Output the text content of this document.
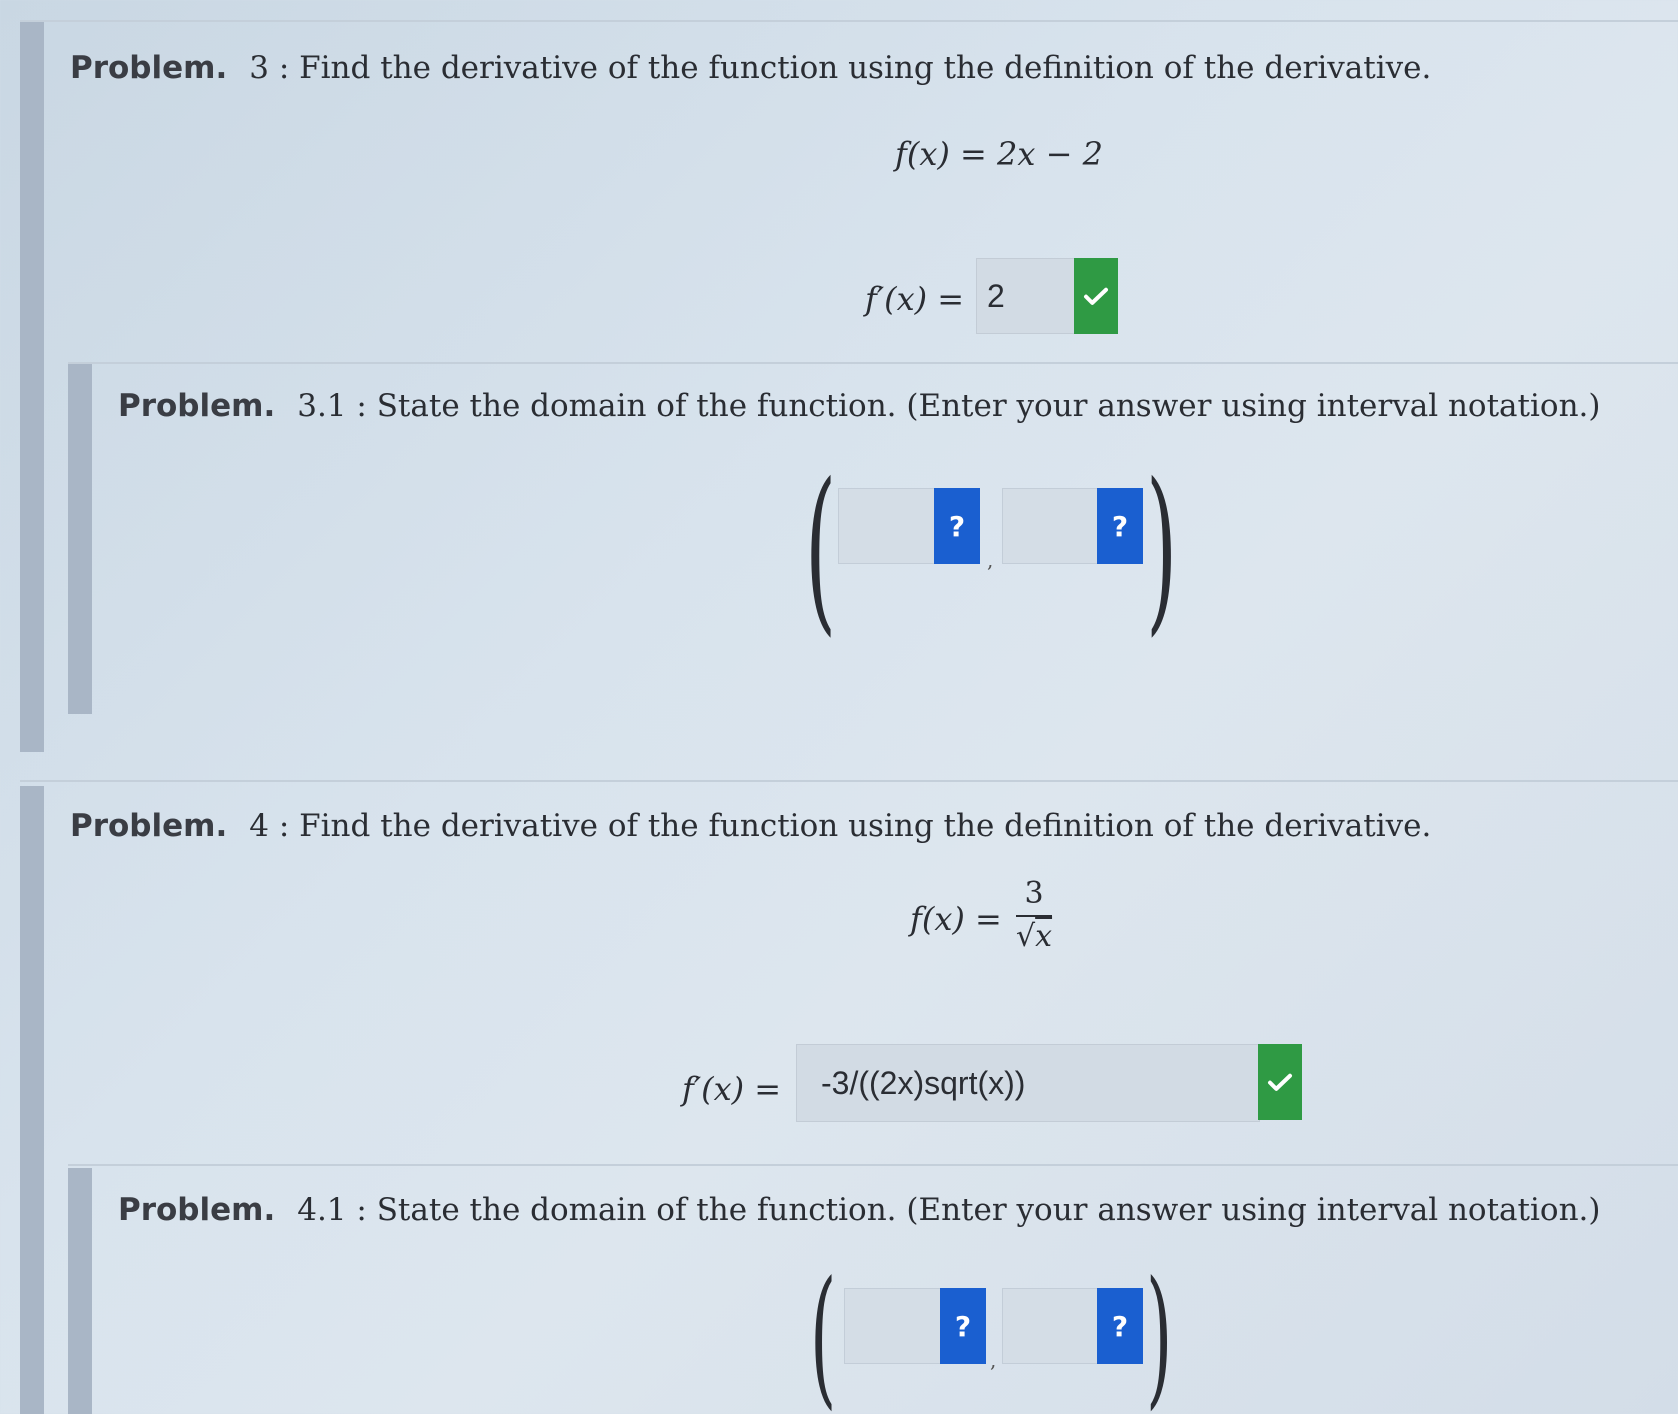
Problem. 3 : Find the derivative of the function using the definition of the derivative.
f(x) = 2x − 2
f′(x) = 2
Problem. 3.1 : State the domain of the function. (Enter your answer using interval notation.)
(	?
,
? )
Problem. 4 : Find the derivative of the function using the definition of the derivative.
$f(x) = \frac{3}{√x}$
f′(x) = -3/((2x)sqrt(x))
Problem. 4.1 : State the domain of the function. (Enter your answer using interval notation.)
(	?
,
? )
